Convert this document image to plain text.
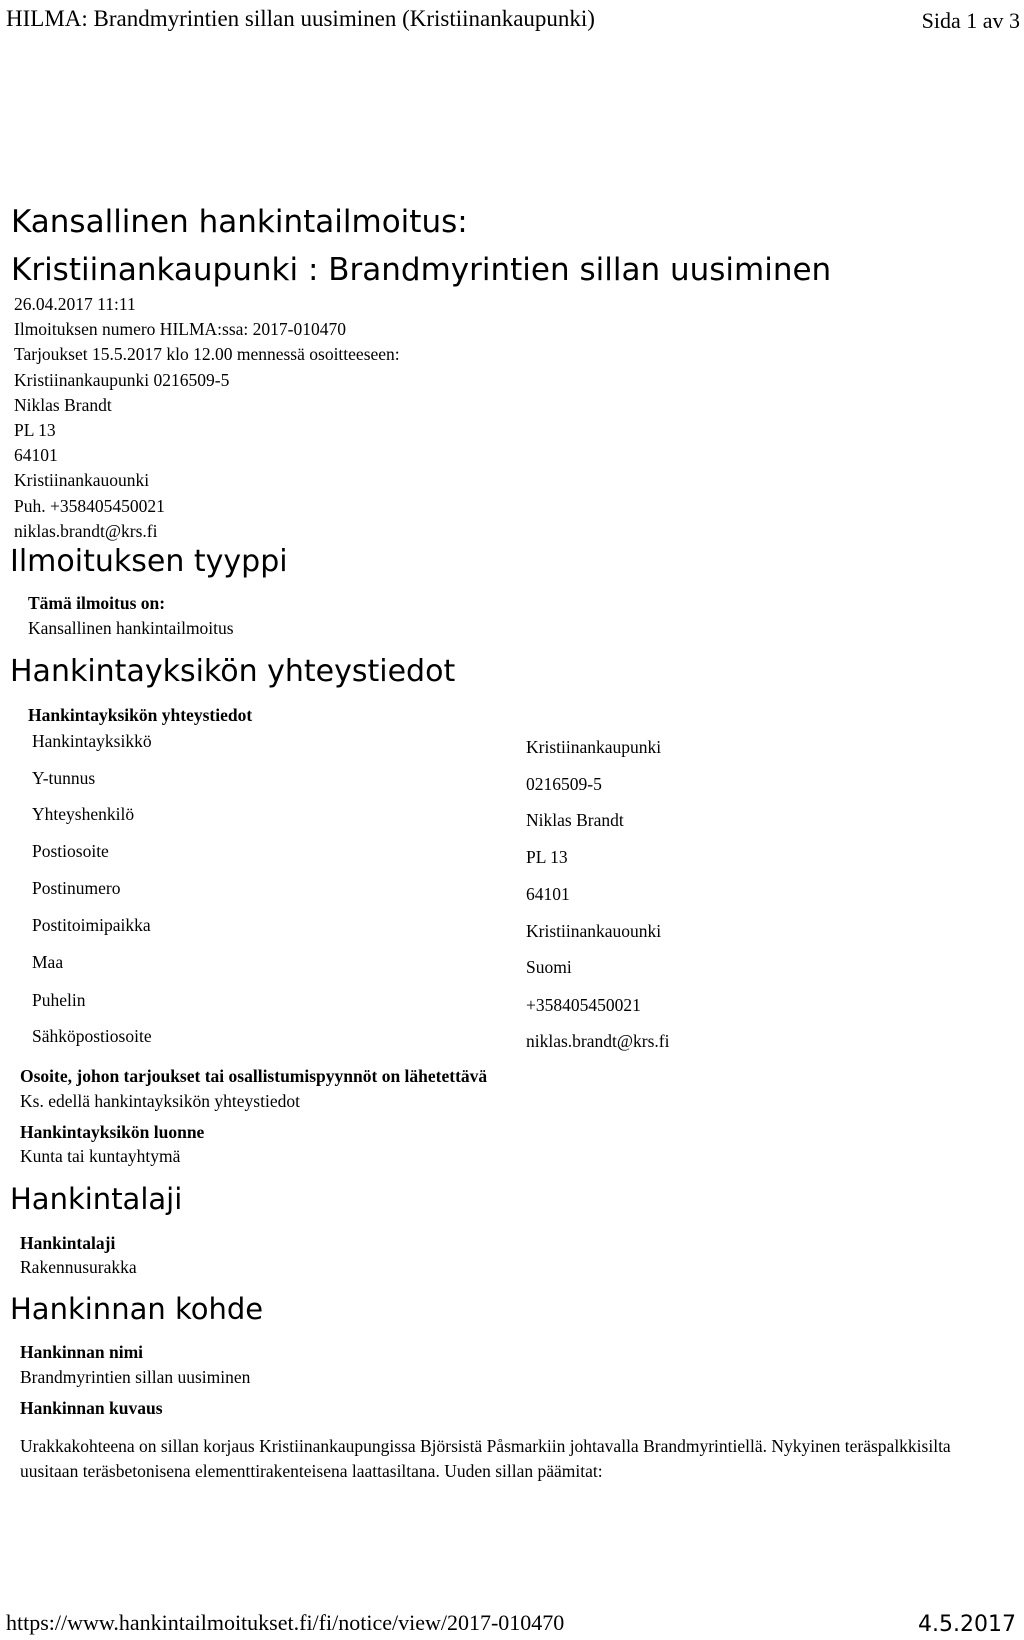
HILMA: Brandmyrintien sillan uusiminen (Kristiinankaupunki)	Sida 1 av 3
Kansallinen hankintailmoitus:
Kristiinankaupunki : Brandmyrintien sillan uusiminen
26.04.2017 11:11
Ilmoituksen numero HILMA:ssa: 2017-010470
Tarjoukset 15.5.2017 klo 12.00 mennessä osoitteeseen:
Kristiinankaupunki 0216509-5
Niklas Brandt
PL 13
64101
Kristiinankauounki
Puh. +358405450021
niklas.brandt@krs.fi
Ilmoituksen tyyppi
Tämä ilmoitus on:
Kansallinen hankintailmoitus
Hankintayksikön yhteystiedot
Hankintayksikön yhteystiedot
Hankintayksikkö	Kristiinankaupunki
Y-tunnus	0216509-5
Yhteyshenkilö	Niklas Brandt
Postiosoite	PL 13
Postinumero	64101
Postitoimipaikka	Kristiinankauounki
Maa	Suomi
Puhelin	+358405450021
Sähköpostiosoite	niklas.brandt@krs.fi
Osoite, johon tarjoukset tai osallistumispyynnöt on lähetettävä
Ks. edellä hankintayksikön yhteystiedot
Hankintayksikön luonne
Kunta tai kuntayhtymä
Hankintalaji
Hankintalaji
Rakennusurakka
Hankinnan kohde
Hankinnan nimi
Brandmyrintien sillan uusiminen
Hankinnan kuvaus
Urakkakohteena on sillan korjaus Kristiinankaupungissa Björsistä Påsmarkiin johtavalla Brandmyrintiellä. Nykyinen teräspalkkisilta uusitaan teräsbetonisena elementtirakenteisena laattasiltana. Uuden sillan päämitat:
https://www.hankintailmoitukset.fi/fi/notice/view/2017-010470	4.5.2017
